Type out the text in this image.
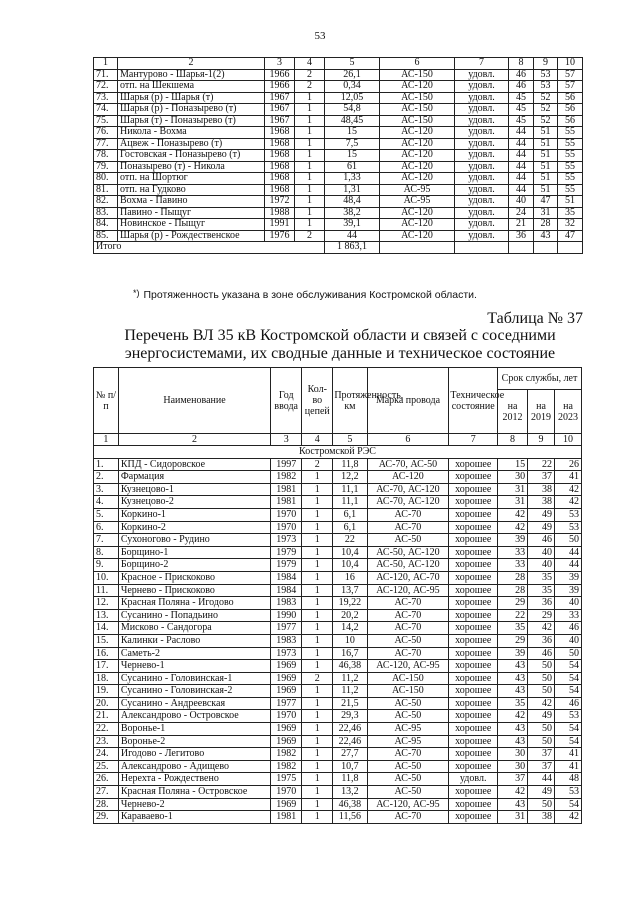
53
1	2	3	4	5	6	7	8	9	10
71.	Мантурово - Шарья-1(2)	1966	2	26,1	АС-150	удовл.	46	53	57
72.	отп. на Шекшема	1966	2	0,34	АС-120	удовл.	46	53	57
73.	Шарья (р) - Шарья (т)	1967	1	12,05	АС-150	удовл.	45	52	56
74.	Шарья (р) - Поназырево (т)	1967	1	54,8	АС-150	удовл.	45	52	56
75.	Шарья (т) - Поназырево (т)	1967	1	48,45	АС-150	удовл.	45	52	56
76.	Никола - Вохма	1968	1	15	АС-120	удовл.	44	51	55
77.	Ацвеж - Поназырево (т)	1968	1	7,5	АС-120	удовл.	44	51	55
78.	Гостовская - Поназырево (т)	1968	1	15	АС-120	удовл.	44	51	55
79.	Поназырево (т) - Никола	1968	1	61	АС-120	удовл.	44	51	55
80.	отп. на Шортюг	1968	1	1,33	АС-120	удовл.	44	51	55
81.	отп. на Гудково	1968	1	1,31	АС-95	удовл.	44	51	55
82.	Вохма - Павино	1972	1	48,4	АС-95	удовл.	40	47	51
83.	Павино - Пыщуг	1988	1	38,2	АС-120	удовл.	24	31	35
84.	Новинское - Пыщуг	1991	1	39,1	АС-120	удовл.	21	28	32
85.	Шарья (р) - Рождественское	1976	2	44	АС-120	удовл.	36	43	47
Итого				1 863,1					
*) Протяженность указана в зоне обслуживания Костромской области.
Таблица № 37
Перечень ВЛ 35 кВ Костромской области и связей с соседними энергосистемами, их сводные данные и техническое состояние
№ п/п	Наименование	Год ввода	Кол-во цепей	Протяженность, км	Марка провода	Техническое состояние	Срок службы, лет		
							на 2012	на 2019	на 2023
1	2	3	4	5	6	7	8	9	10
Костромской РЭС									
1.	КПД - Сидоровское	1997	2	11,8	АС-70, АС-50	хорошее	15	22	26
2.	Фармация	1982	1	12,2	АС-120	хорошее	30	37	41
3.	Кузнецово-1	1981	1	11,1	АС-70, АС-120	хорошее	31	38	42
4.	Кузнецово-2	1981	1	11,1	АС-70, АС-120	хорошее	31	38	42
5.	Коркино-1	1970	1	6,1	АС-70	хорошее	42	49	53
6.	Коркино-2	1970	1	6,1	АС-70	хорошее	42	49	53
7.	Сухоногово - Рудино	1973	1	22	АС-50	хорошее	39	46	50
8.	Борщино-1	1979	1	10,4	АС-50, АС-120	хорошее	33	40	44
9.	Борщино-2	1979	1	10,4	АС-50, АС-120	хорошее	33	40	44
10.	Красное - Прискоково	1984	1	16	АС-120, АС-70	хорошее	28	35	39
11.	Чернево - Прискоково	1984	1	13,7	АС-120, АС-95	хорошее	28	35	39
12.	Красная Поляна - Игодово	1983	1	19,22	АС-70	хорошее	29	36	40
13.	Сусанино - Попадьино	1990	1	20,2	АС-70	хорошее	22	29	33
14.	Мисково - Сандогора	1977	1	14,2	АС-70	хорошее	35	42	46
15.	Калинки - Раслово	1983	1	10	АС-50	хорошее	29	36	40
16.	Саметь-2	1973	1	16,7	АС-70	хорошее	39	46	50
17.	Чернево-1	1969	1	46,38	АС-120, АС-95	хорошее	43	50	54
18.	Сусанино - Головинская-1	1969	2	11,2	АС-150	хорошее	43	50	54
19.	Сусанино - Головинская-2	1969	1	11,2	АС-150	хорошее	43	50	54
20.	Сусанино - Андреевская	1977	1	21,5	АС-50	хорошее	35	42	46
21.	Александрово - Островское	1970	1	29,3	АС-50	хорошее	42	49	53
22.	Воронье-1	1969	1	22,46	АС-95	хорошее	43	50	54
23.	Воронье-2	1969	1	22,46	АС-95	хорошее	43	50	54
24.	Игодово - Легитово	1982	1	27,7	АС-70	хорошее	30	37	41
25.	Александрово - Адищево	1982	1	10,7	АС-50	хорошее	30	37	41
26.	Нерехта - Рождествено	1975	1	11,8	АС-50	удовл.	37	44	48
27.	Красная Поляна - Островское	1970	1	13,2	АС-50	хорошее	42	49	53
28.	Чернево-2	1969	1	46,38	АС-120, АС-95	хорошее	43	50	54
29.	Караваево-1	1981	1	11,56	АС-70	хорошее	31	38	42
